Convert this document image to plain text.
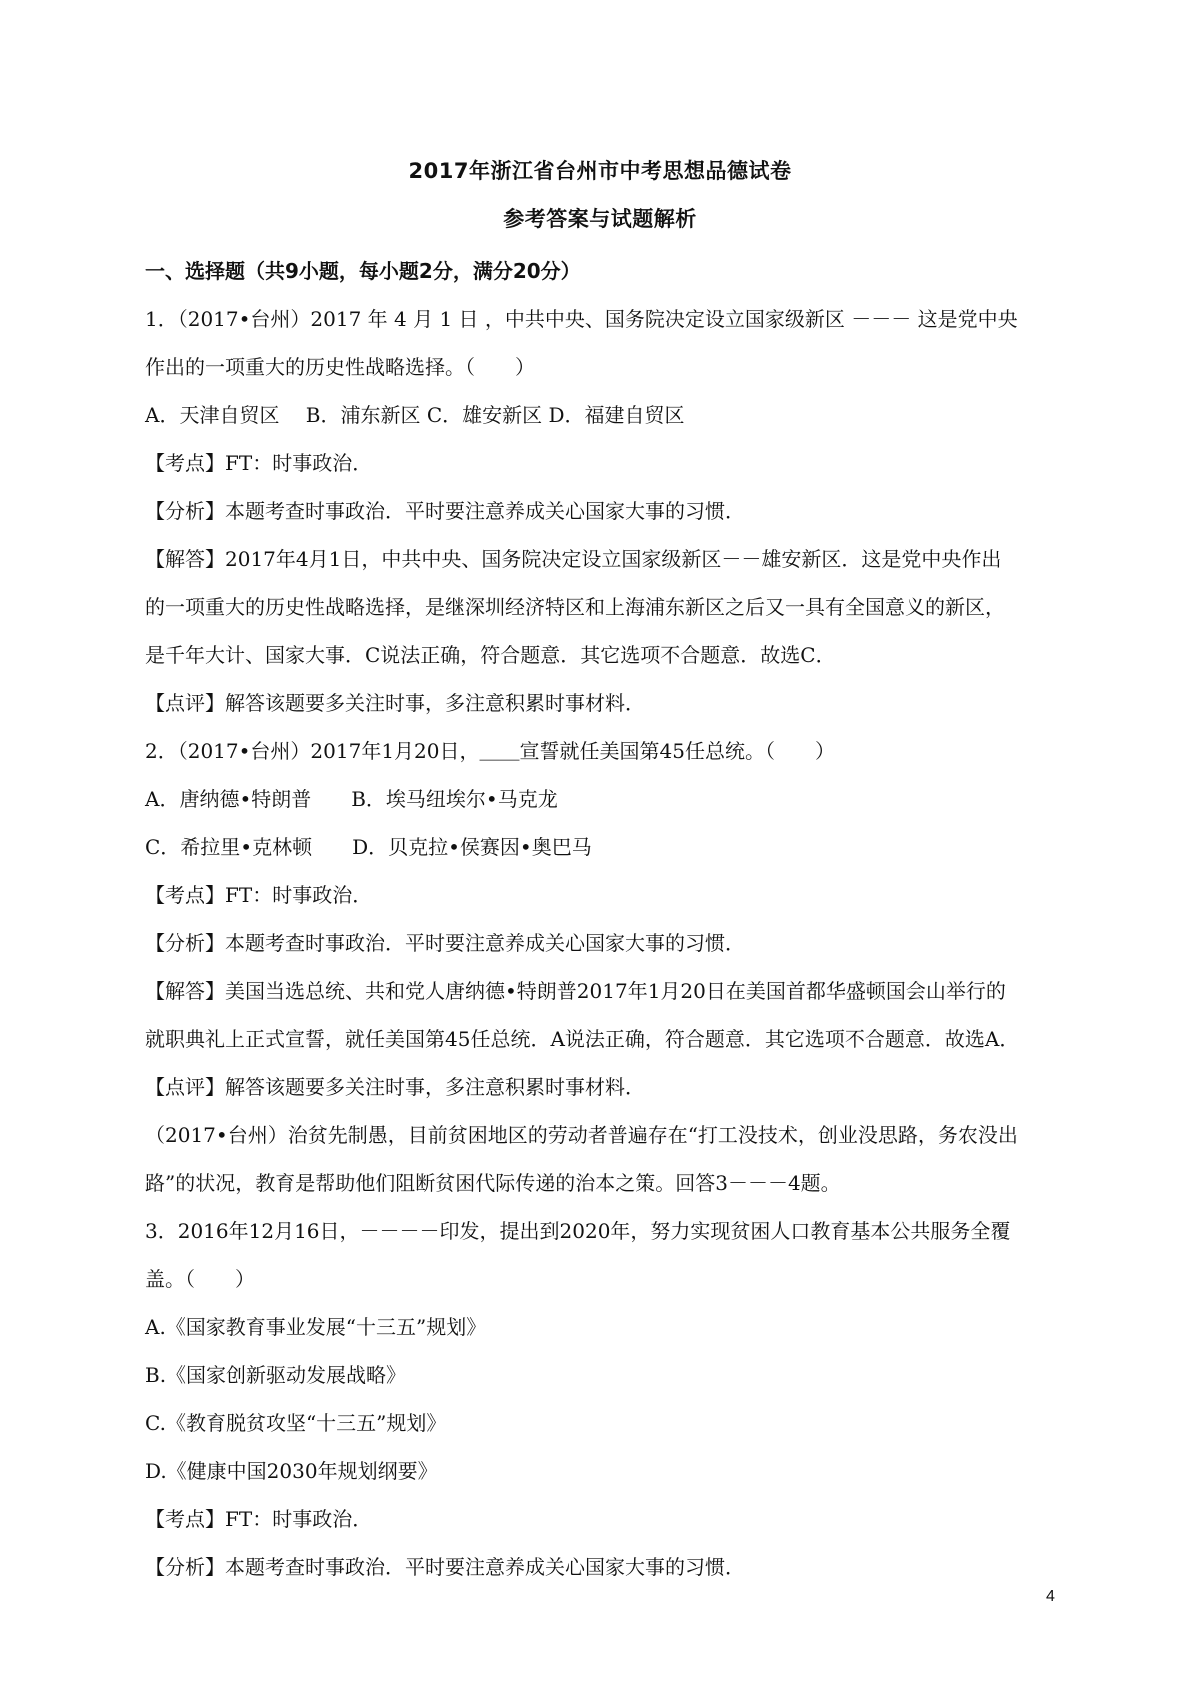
2017年浙江省台州市中考思想品德试卷
参考答案与试题解析
一、选择题（共9小题，每小题2分，满分20分）
1．（2017•台州）2017 年 4 月 1 日 ，中共中央、国务院决定设立国家级新区 －－－ 这是党中央
作出的一项重大的历史性战略选择。（　　）
A．天津自贸区　 B．浦东新区 C．雄安新区 D．福建自贸区
【考点】FT：时事政治．
【分析】本题考查时事政治．平时要注意养成关心国家大事的习惯．
【解答】2017年4月1日，中共中央、国务院决定设立国家级新区－－雄安新区．这是党中央作出
的一项重大的历史性战略选择，是继深圳经济特区和上海浦东新区之后又一具有全国意义的新区，
是千年大计、国家大事．C说法正确，符合题意．其它选项不合题意．故选C．
【点评】解答该题要多关注时事，多注意积累时事材料．
2．（2017•台州）2017年1月20日，＿＿宣誓就任美国第45任总统。（　　）
A．唐纳德•特朗普　　B．埃马纽埃尔•马克龙
C．希拉里•克林顿　　D．贝克拉•侯赛因•奥巴马
【考点】FT：时事政治．
【分析】本题考查时事政治．平时要注意养成关心国家大事的习惯．
【解答】美国当选总统、共和党人唐纳德•特朗普2017年1月20日在美国首都华盛顿国会山举行的
就职典礼上正式宣誓，就任美国第45任总统．A说法正确，符合题意．其它选项不合题意．故选A．
【点评】解答该题要多关注时事，多注意积累时事材料．
（2017•台州）治贫先制愚，目前贫困地区的劳动者普遍存在“打工没技术，创业没思路，务农没出
路”的状况，教育是帮助他们阻断贫困代际传递的治本之策。回答3－－－4题。
3．2016年12月16日，－－－－印发，提出到2020年，努力实现贫困人口教育基本公共服务全覆
盖。（　　）
A.《国家教育事业发展“十三五”规划》
B.《国家创新驱动发展战略》
C.《教育脱贫攻坚“十三五”规划》
D.《健康中国2030年规划纲要》
【考点】FT：时事政治．
【分析】本题考查时事政治．平时要注意养成关心国家大事的习惯．
4
